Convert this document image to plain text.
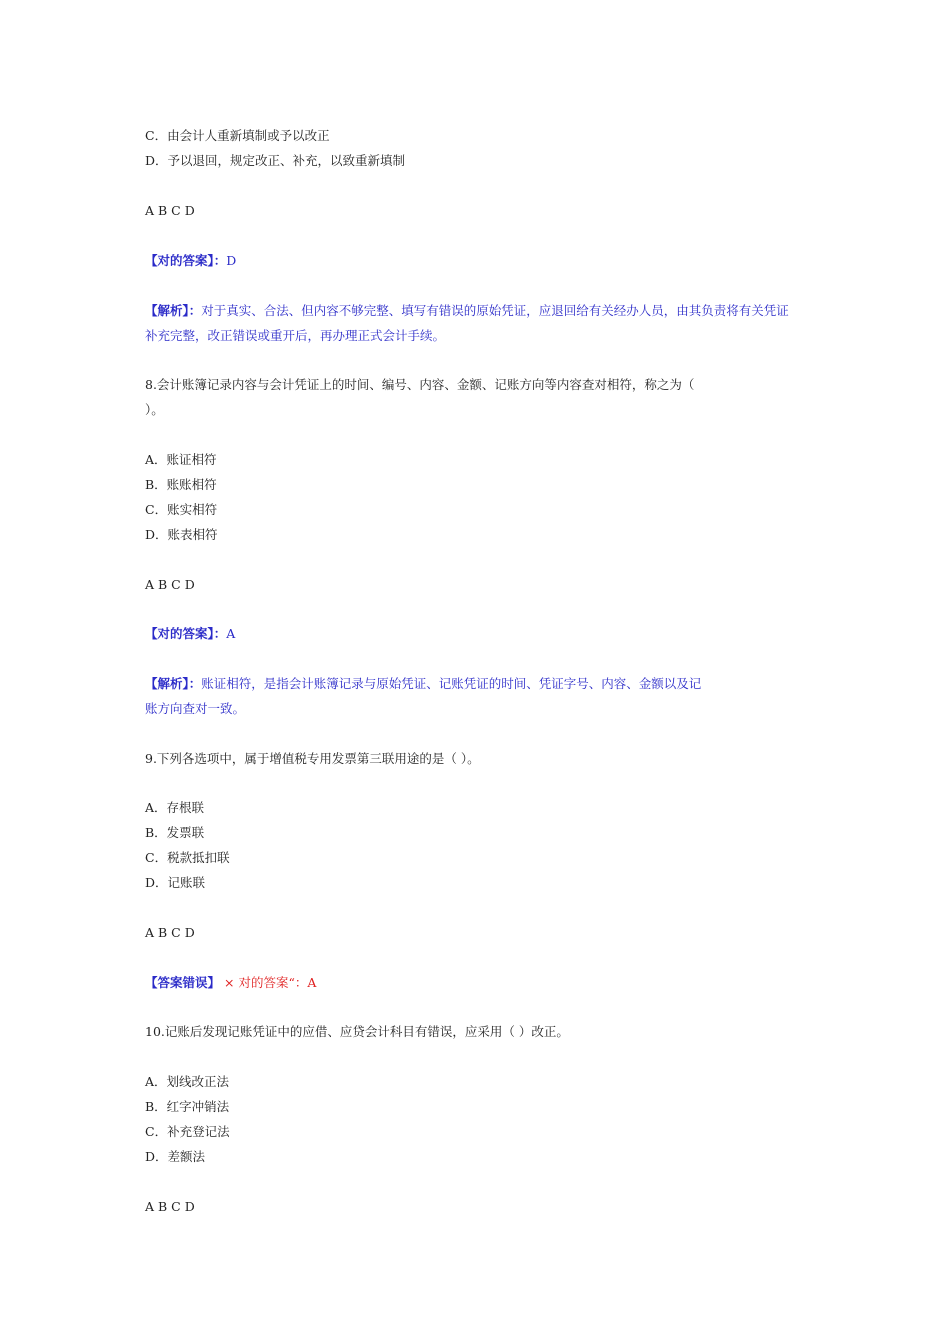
C．由会计人重新填制或予以改正
D．予以退回，规定改正、补充，以致重新填制
A B C D
【对的答案】：D
【解析】：对于真实、合法、但内容不够完整、填写有错误的原始凭证，应退回给有关经办人员，由其负责将有关凭证
补充完整，改正错误或重开后，再办理正式会计手续。
8.会计账簿记录内容与会计凭证上的时间、编号、内容、金额、记账方向等内容查对相符，称之为（
）。
A．账证相符
B．账账相符
C．账实相符
D．账表相符
A B C D
【对的答案】：A
【解析】：账证相符，是指会计账簿记录与原始凭证、记账凭证的时间、凭证字号、内容、金额以及记
账方向查对一致。
9.下列各选项中，属于增值税专用发票第三联用途的是（ ）。
A．存根联
B．发票联
C．税款抵扣联
D．记账联
A B C D
【答案错误】 × 对的答案“：A
10.记账后发现记账凭证中的应借、应贷会计科目有错误，应采用（ ）改正。
A．划线改正法
B．红字冲销法
C．补充登记法
D．差额法
A B C D
